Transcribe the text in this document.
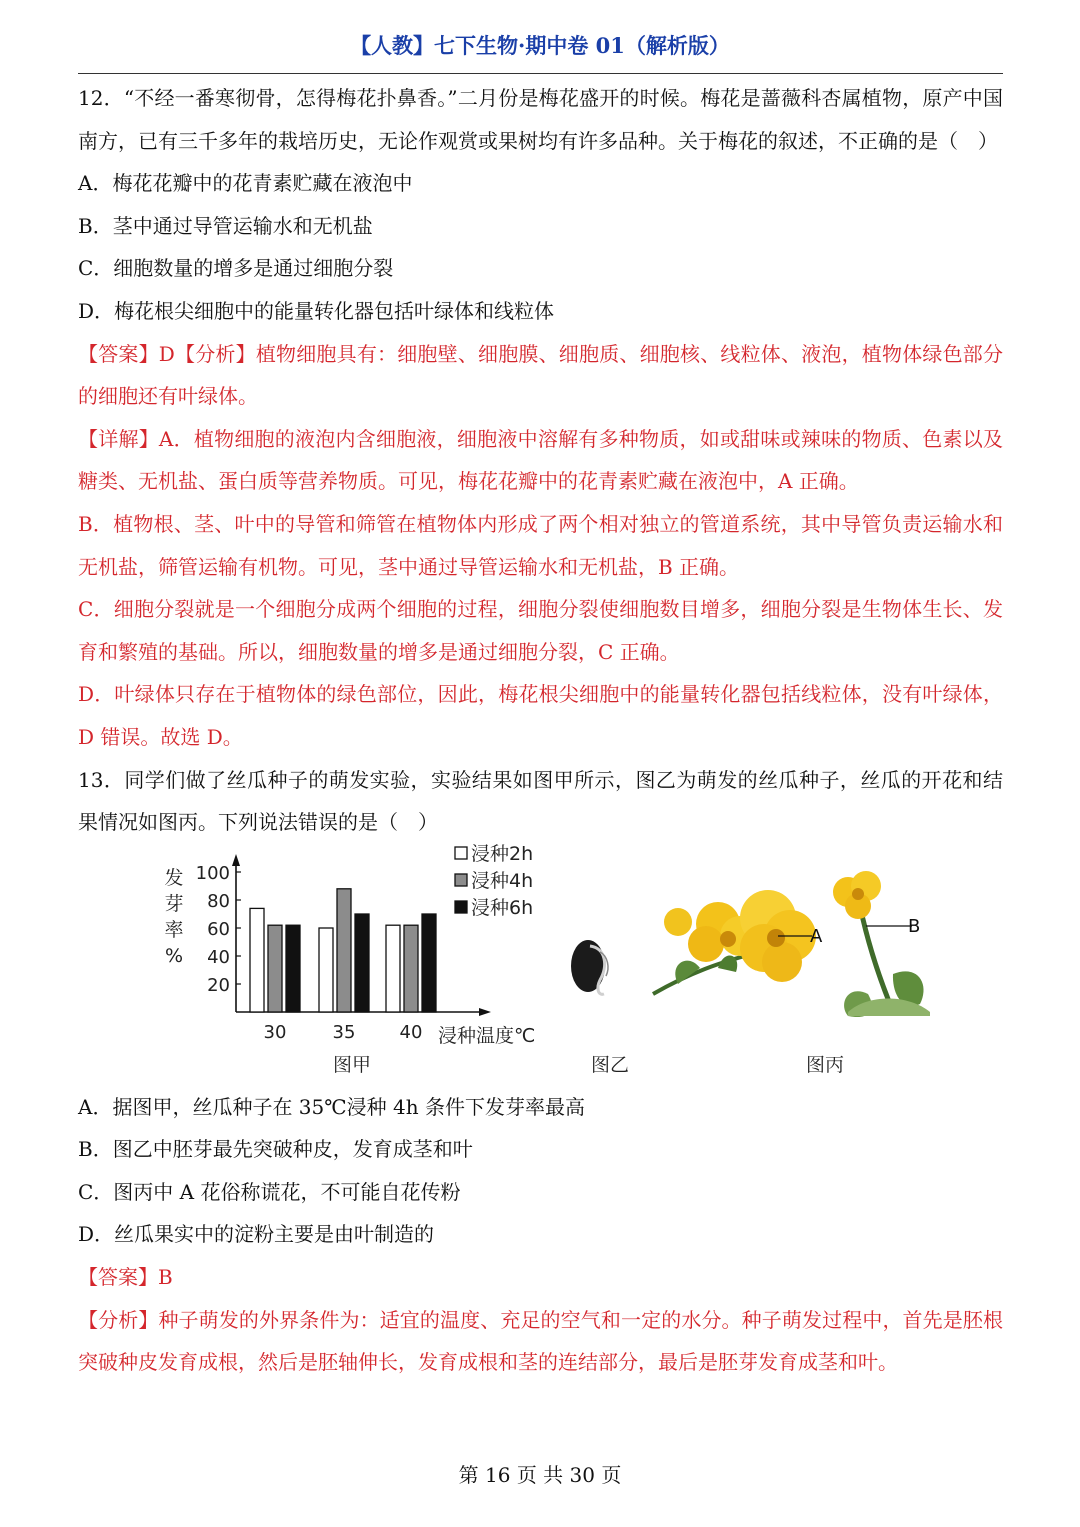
【人教】七下生物·期中卷 01（解析版）

12．“不经一番寒彻骨，怎得梅花扑鼻香。”二月份是梅花盛开的时候。梅花是蔷薇科杏属植物，原产中国南方，已有三千多年的栽培历史，无论作观赏或果树均有许多品种。关于梅花的叙述，不正确的是（　）

A．梅花花瓣中的花青素贮藏在液泡中

B．茎中通过导管运输水和无机盐

C．细胞数量的增多是通过细胞分裂

D．梅花根尖细胞中的能量转化器包括叶绿体和线粒体

【答案】D【分析】植物细胞具有：细胞壁、细胞膜、细胞质、细胞核、线粒体、液泡，植物体绿色部分的细胞还有叶绿体。

【详解】A．植物细胞的液泡内含细胞液，细胞液中溶解有多种物质，如或甜味或辣味的物质、色素以及糖类、无机盐、蛋白质等营养物质。可见，梅花花瓣中的花青素贮藏在液泡中，A 正确。

B．植物根、茎、叶中的导管和筛管在植物体内形成了两个相对独立的管道系统，其中导管负责运输水和无机盐，筛管运输有机物。可见，茎中通过导管运输水和无机盐，B 正确。

C．细胞分裂就是一个细胞分成两个细胞的过程，细胞分裂使细胞数目增多，细胞分裂是生物体生长、发育和繁殖的基础。所以，细胞数量的增多是通过细胞分裂，C 正确。

D．叶绿体只存在于植物体的绿色部位，因此，梅花根尖细胞中的能量转化器包括线粒体，没有叶绿体，D 错误。故选 D。

13．同学们做了丝瓜种子的萌发实验，实验结果如图甲所示，图乙为萌发的丝瓜种子，丝瓜的开花和结果情况如图丙。下列说法错误的是（　）

发
芽
率
%
20
40
60
80
100
30	35 40 浸种温度℃
浸种2h
浸种4h
浸种6h
图甲	图乙
A	B
图丙

A．据图甲，丝瓜种子在 35℃浸种 4h 条件下发芽率最高

B．图乙中胚芽最先突破种皮，发育成茎和叶

C．图丙中 A 花俗称谎花，不可能自花传粉

D．丝瓜果实中的淀粉主要是由叶制造的

【答案】B

【分析】种子萌发的外界条件为：适宜的温度、充足的空气和一定的水分。种子萌发过程中，首先是胚根突破种皮发育成根，然后是胚轴伸长，发育成根和茎的连结部分，最后是胚芽发育成茎和叶。

第 16 页 共 30 页
